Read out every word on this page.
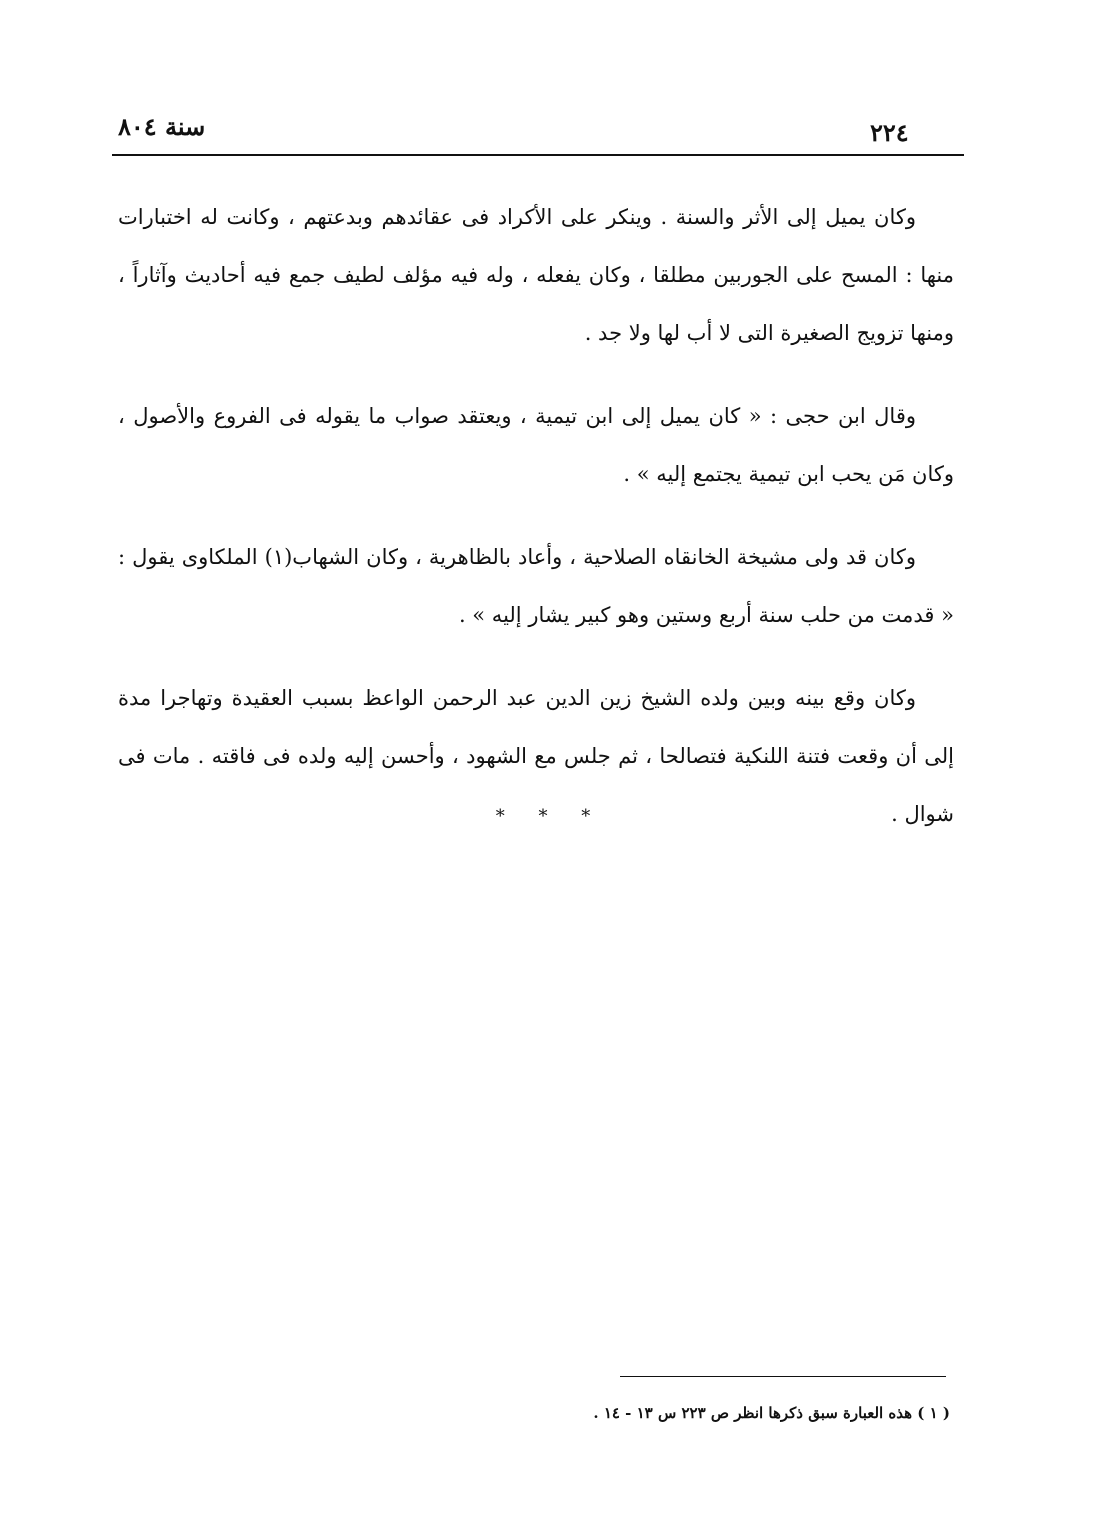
سنة ٨٠٤	٢٢٤

وكان يميل إلى الأثر والسنة . وينكر على الأكراد فى عقائدهم وبدعتهم ، وكانت له اختبارات منها : المسح على الجوربين مطلقا ، وكان يفعله ، وله فيه مؤلف لطيف جمع فيه أحاديث وآثاراً ، ومنها تزويج الصغيرة التى لا أب لها ولا جد .

وقال ابن حجى : « كان يميل إلى ابن تيمية ، ويعتقد صواب ما يقوله فى الفروع والأصول ، وكان مَن يحب ابن تيمية يجتمع إليه » .

وكان قد ولى مشيخة الخانقاه الصلاحية ، وأعاد بالظاهرية ، وكان الشهاب(١) الملكاوى يقول : « قدمت من حلب سنة أربع وستين وهو كبير يشار إليه » .

وكان وقع بينه وبين ولده الشيخ زين الدين عبد الرحمن الواعظ بسبب العقيدة وتهاجرا مدة إلى أن وقعت فتنة اللنكية فتصالحا ، ثم جلس مع الشهود ، وأحسن إليه ولده فى فاقته . مات فى شوال .

* * *
( ١ ) هذه العبارة سبق ذكرها انظر ص ٢٢٣ س ١٣ - ١٤ .
